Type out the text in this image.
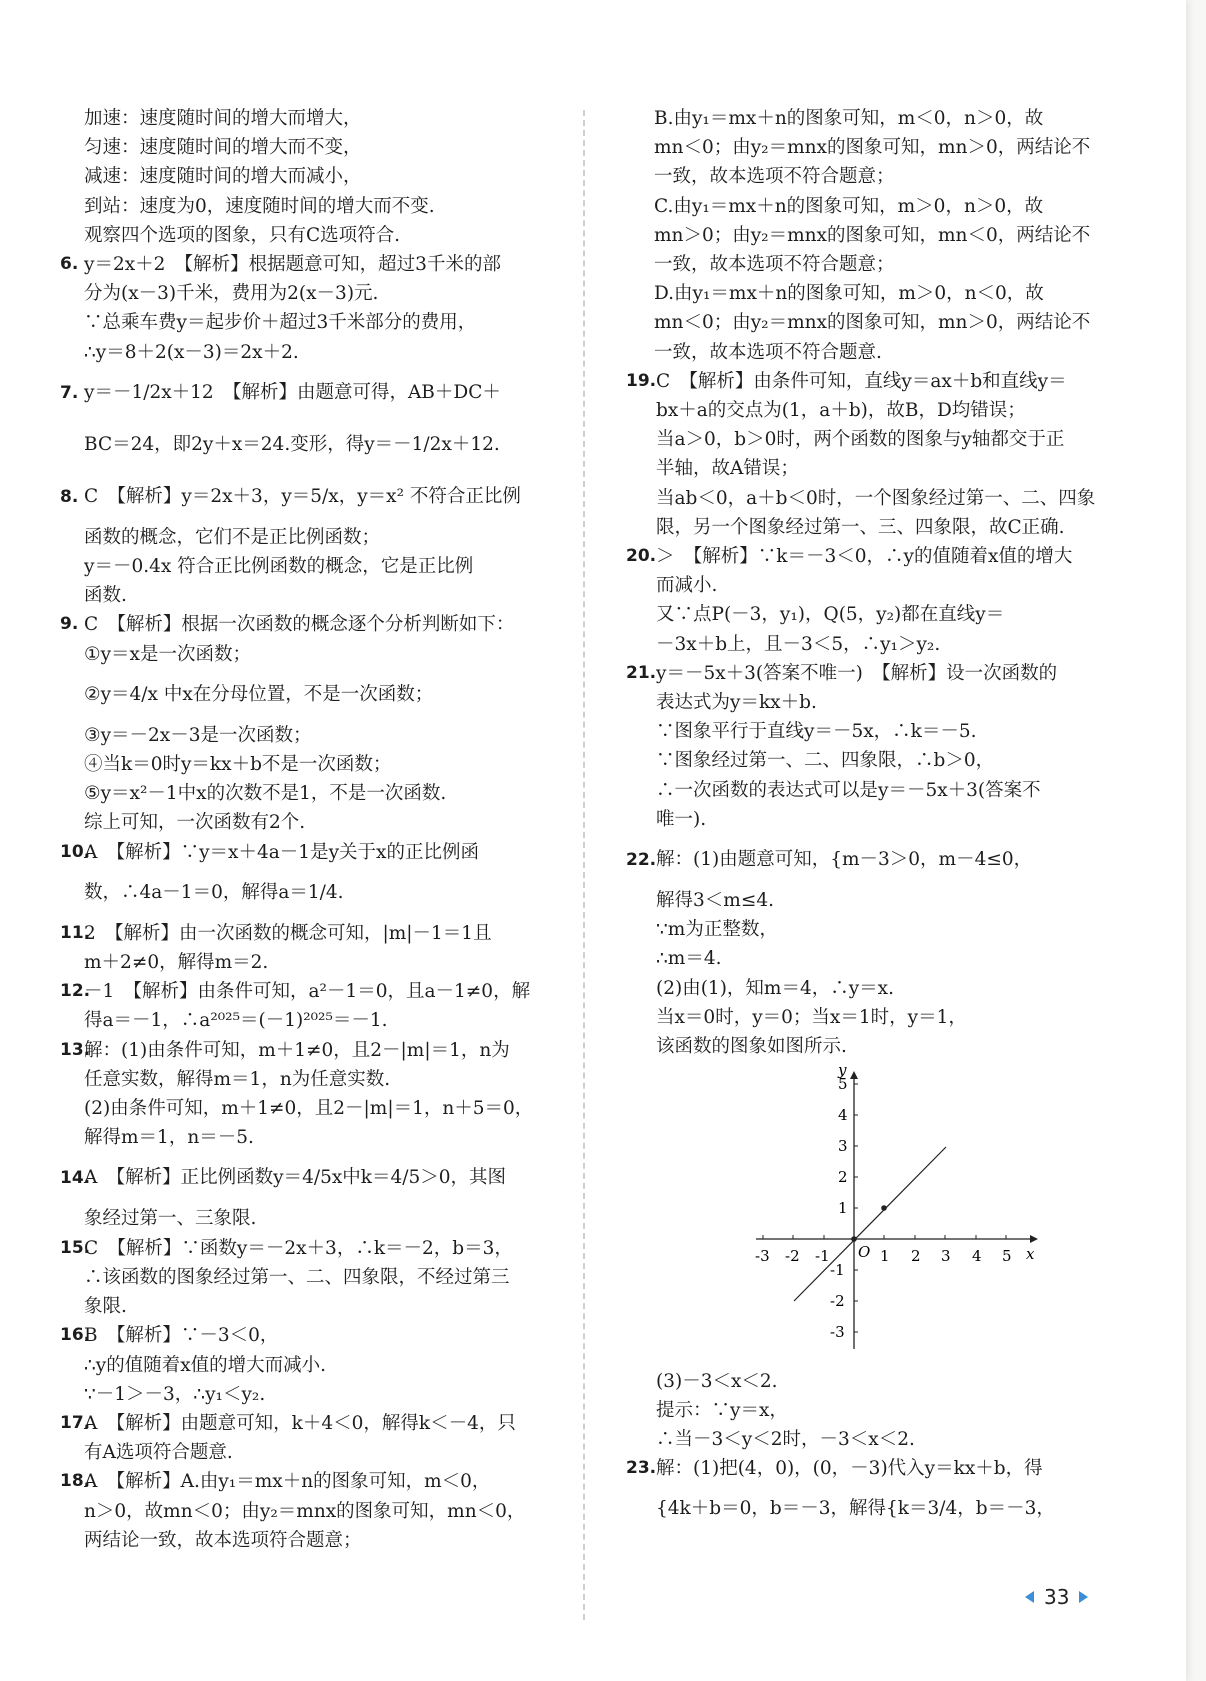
加速：速度随时间的增大而增大，
匀速：速度随时间的增大而不变，
减速：速度随时间的增大而减小，
到站：速度为0，速度随时间的增大而不变.
观察四个选项的图象，只有C选项符合.
6. y＝2x＋2　【解析】根据题意可知，超过3千米的部
分为(x－3)千米，费用为2(x－3)元.
∵总乘车费y＝起步价＋超过3千米部分的费用，
∴y＝8＋2(x－3)＝2x＋2.
7. y＝－1/2x＋12　【解析】由题意可得，AB＋DC＋
BC＝24，即2y＋x＝24.变形，得y＝－1/2x＋12.
8. C　【解析】y＝2x＋3，y＝5/x，y＝x² 不符合正比例
函数的概念，它们不是正比例函数；
y＝－0.4x 符合正比例函数的概念，它是正比例
函数.
9. C　【解析】根据一次函数的概念逐个分析判断如下：
①y＝x是一次函数；
②y＝4/x 中x在分母位置，不是一次函数；
③y＝－2x－3是一次函数；
④当k＝0时y＝kx＋b不是一次函数；
⑤y＝x²－1中x的次数不是1，不是一次函数.
综上可知，一次函数有2个.
10.
A　【解析】∵y＝x＋4a－1是y关于x的正比例函
数，∴4a－1＝0，解得a＝1/4.
11.
2　【解析】由一次函数的概念可知，|m|－1＝1且
m＋2≠0，解得m＝2.
12.
－1　【解析】由条件可知，a²－1＝0，且a－1≠0，解
得a＝－1，∴a²⁰²⁵＝(－1)²⁰²⁵＝－1.
13.
解：(1)由条件可知，m＋1≠0，且2－|m|＝1，n为
任意实数，解得m＝1，n为任意实数.
(2)由条件可知，m＋1≠0，且2－|m|＝1，n＋5＝0，
解得m＝1，n＝－5.
14.
A　【解析】正比例函数y＝4/5x中k＝4/5＞0，其图
象经过第一、三象限.
15.
C　【解析】∵函数y＝－2x＋3，∴k＝－2，b＝3，
∴该函数的图象经过第一、二、四象限，不经过第三
象限.
16.
B　【解析】∵－3＜0，
∴y的值随着x值的增大而减小.
∵－1＞－3，∴y₁＜y₂.
17.
A　【解析】由题意可知，k＋4＜0，解得k＜－4，只
有A选项符合题意.
18.
A　【解析】A.由y₁＝mx＋n的图象可知，m＜0，
n＞0，故mn＜0；由y₂＝mnx的图象可知，mn＜0，
两结论一致，故本选项符合题意；
B.由y₁＝mx＋n的图象可知，m＜0，n＞0，故
mn＜0；由y₂＝mnx的图象可知，mn＞0，两结论不
一致，故本选项不符合题意；
C.由y₁＝mx＋n的图象可知，m＞0，n＞0，故
mn＞0；由y₂＝mnx的图象可知，mn＜0，两结论不
一致，故本选项不符合题意；
D.由y₁＝mx＋n的图象可知，m＞0，n＜0，故
mn＜0；由y₂＝mnx的图象可知，mn＞0，两结论不
一致，故本选项不符合题意.
19. C　【解析】由条件可知，直线y＝ax＋b和直线y＝
bx＋a的交点为(1，a＋b)，故B，D均错误；
当a＞0，b＞0时，两个函数的图象与y轴都交于正
半轴，故A错误；
当ab＜0，a＋b＜0时，一个图象经过第一、二、四象
限，另一个图象经过第一、三、四象限，故C正确.
20. ＞　【解析】∵k＝－3＜0，∴y的值随着x值的增大
而减小.
又∵点P(－3，y₁)，Q(5，y₂)都在直线y＝
－3x＋b上，且－3＜5，∴y₁＞y₂.
21. y＝－5x＋3(答案不唯一)　【解析】设一次函数的
表达式为y＝kx＋b.
∵图象平行于直线y＝－5x，∴k＝－5.
∵图象经过第一、二、四象限，∴b＞0，
∴一次函数的表达式可以是y＝－5x＋3(答案不
唯一).
22. 解：(1)由题意可知，{m－3＞0，m－4≤0，
解得3＜m≤4.
∵m为正整数，
∴m＝4.
(2)由(1)，知m＝4，∴y＝x.
当x＝0时，y＝0；当x＝1时，y＝1，
该函数的图象如图所示.
-3 -2 -1	1 2 3 4 5 x
5
4
3
2
1
-1
-2
-3
y
O
(3)－3＜x＜2.
提示：∵y＝x，
∴当－3＜y＜2时，－3＜x＜2.
23. 解：(1)把(4，0)，(0，－3)代入y＝kx＋b，得
{4k＋b＝0，b＝－3，解得{k＝3/4，b＝－3，
33
